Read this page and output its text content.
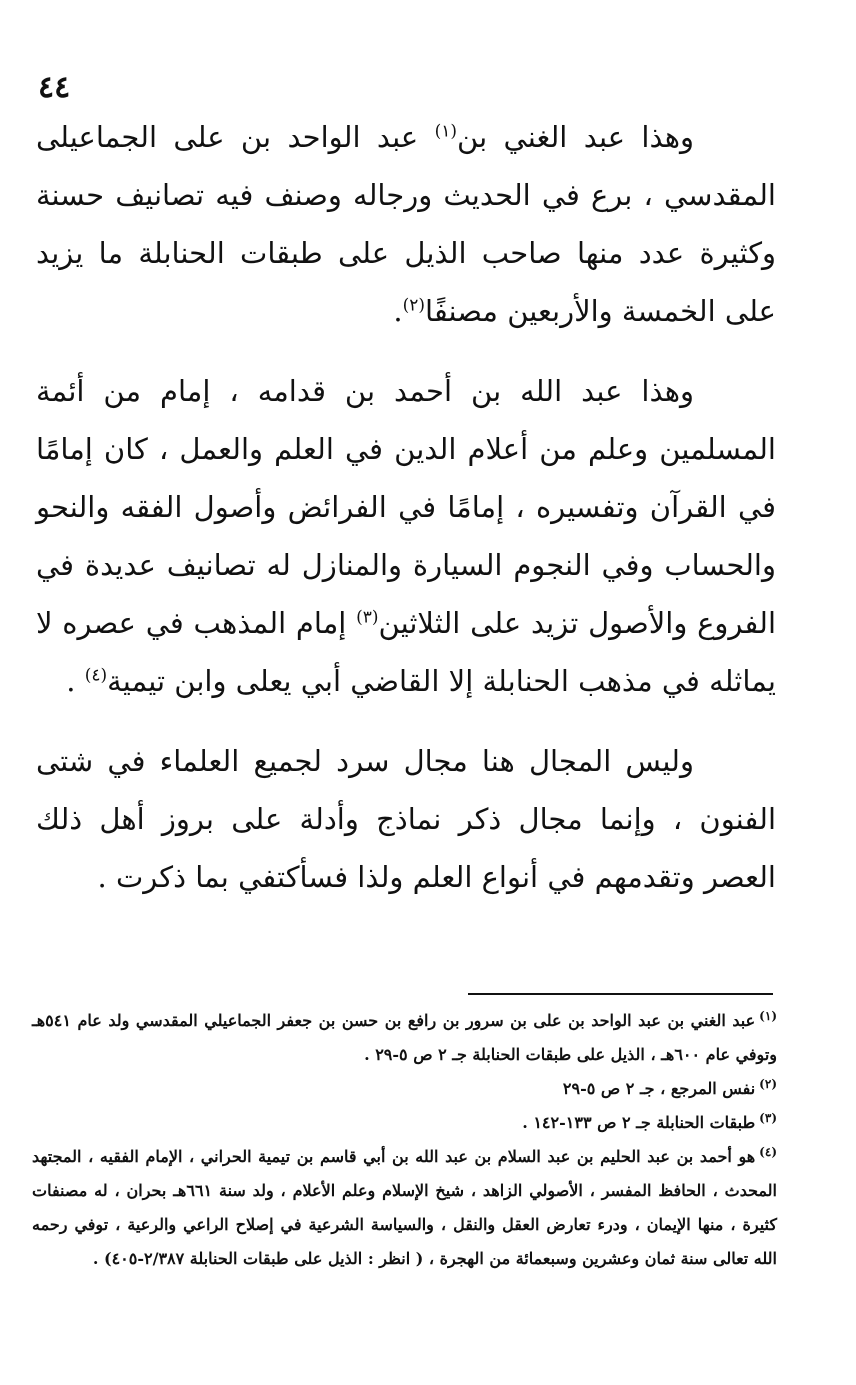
٤٤

وهذا عبد الغني بن$^{(١)}$ عبد الواحد بن على الجماعيلى المقدسي ، برع في الحديث ورجاله وصنف فيه تصانيف حسنة وكثيرة عدد منها صاحب الذيل على طبقات الحنابلة ما يزيد على الخمسة والأربعين مصنفًا$^{(٢)}$.

وهذا عبد الله بن أحمد بن قدامه ، إمام من أئمة المسلمين وعلم من أعلام الدين في العلم والعمل ، كان إمامًا في القرآن وتفسيره ، إمامًا في الفرائض وأصول الفقه والنحو والحساب وفي النجوم السيارة والمنازل له تصانيف عديدة في الفروع والأصول تزيد على الثلاثين$^{(٣)}$ إمام المذهب في عصره لا يماثله في مذهب الحنابلة إلا القاضي أبي يعلى وابن تيمية$^{(٤)}$ .

وليس المجال هنا مجال سرد لجميع العلماء في شتى الفنون ، وإنما مجال ذكر نماذج وأدلة على بروز أهل ذلك العصر وتقدمهم في أنواع العلم ولذا فسأكتفي بما ذكرت .

$^{(١)}$عبد الغني بن عبد الواحد بن على بن سرور بن رافع بن حسن بن جعفر الجماعيلي المقدسي ولد عام ٥٤١هـ وتوفي عام ٦٠٠هـ ، الذيل على طبقات الحنابلة جـ ٢ ص ٥-٢٩ .

$^{(٢)}$نفس المرجع ، جـ ٢ ص ٥-٢٩

$^{(٣)}$طبقات الحنابلة جـ ٢ ص ١٣٣-١٤٢ .

$^{(٤)}$هو أحمد بن عبد الحليم بن عبد السلام بن عبد الله بن أبي قاسم بن تيمية الحراني ، الإمام الفقيه ، المجتهد المحدث ، الحافظ المفسر ، الأصولي الزاهد ، شيخ الإسلام وعلم الأعلام ، ولد سنة ٦٦١هـ بحران ، له مصنفات كثيرة ، منها الإيمان ، ودرء تعارض العقل والنقل ، والسياسة الشرعية في إصلاح الراعي والرعية ، توفي رحمه الله تعالى سنة ثمان وعشرين وسبعمائة من الهجرة ، ( انظر : الذيل على طبقات الحنابلة ٢/٣٨٧-٤٠٥) .
